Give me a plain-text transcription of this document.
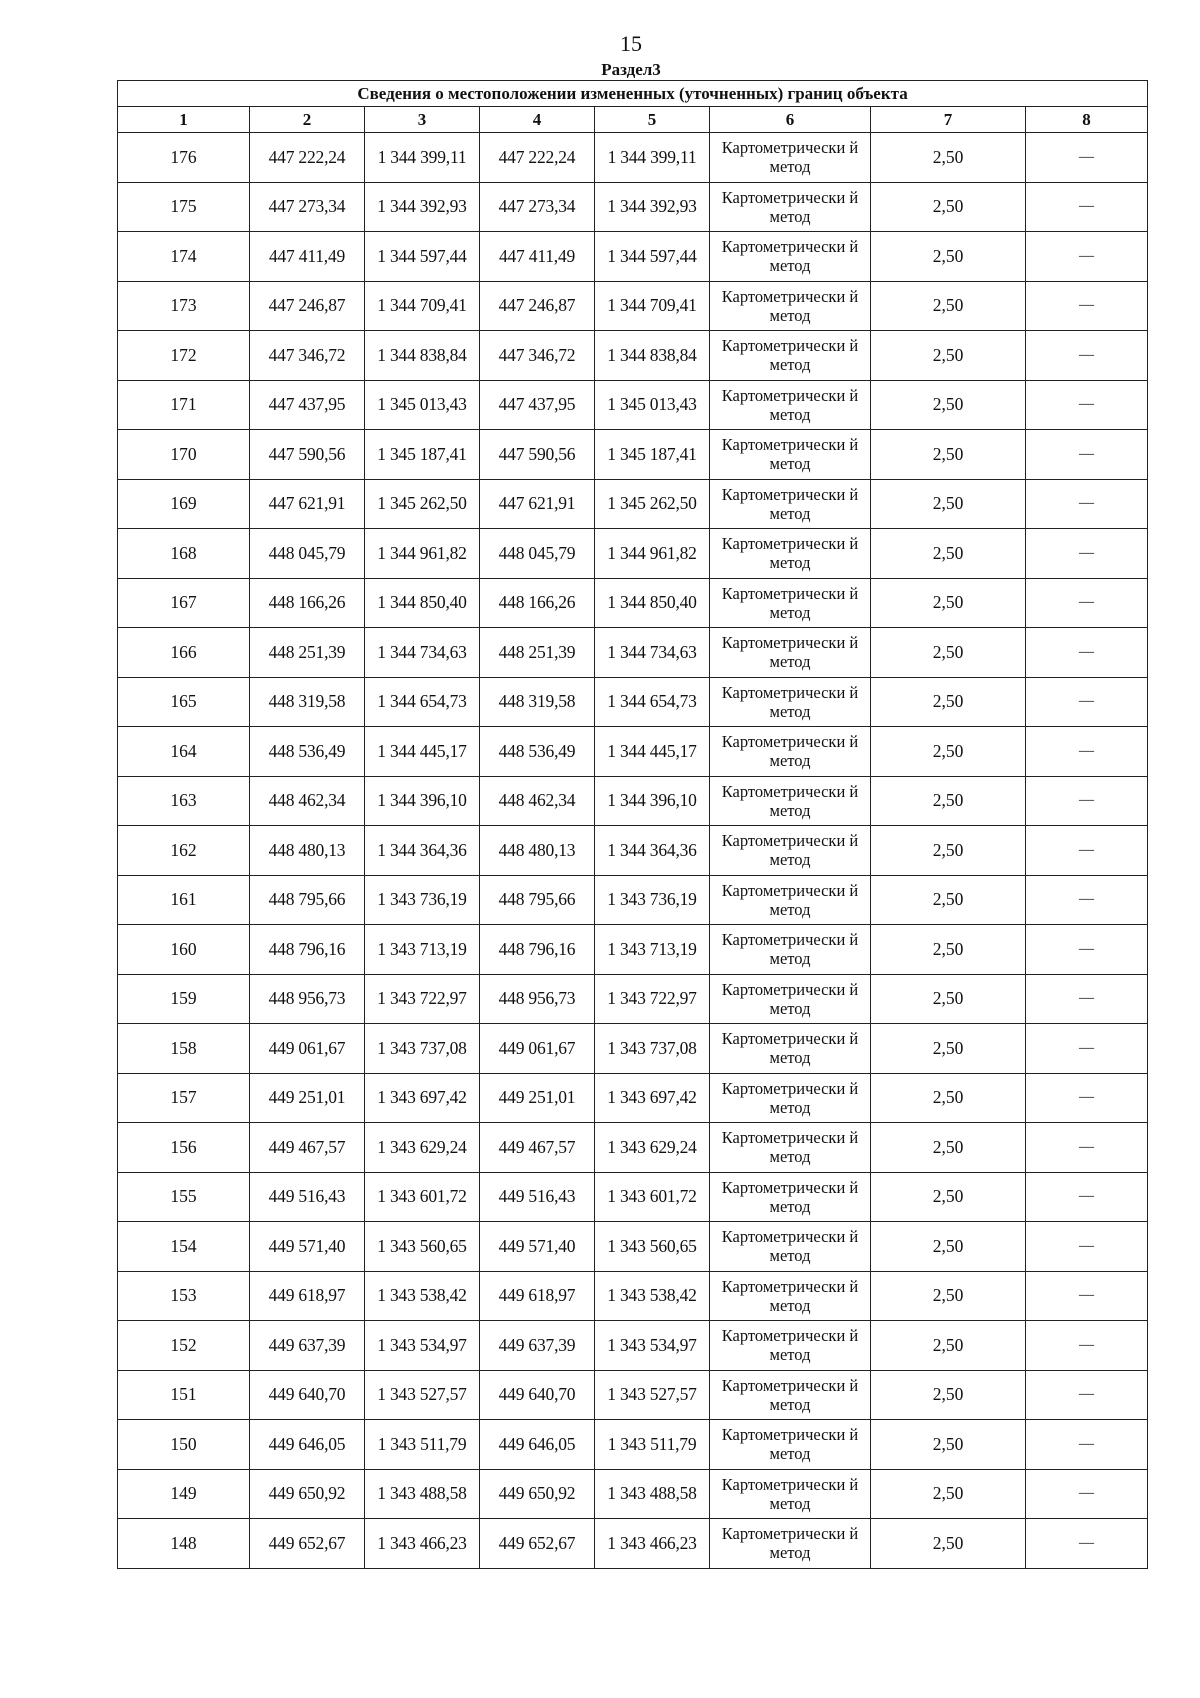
15
Раздел3
Сведения о местоположении измененных (уточненных) границ объекта							
1	2	3	4	5	6	7	8
176	447 222,24	1 344 399,11	447 222,24	1 344 399,11	Картометрически й метод	2,50	—
175	447 273,34	1 344 392,93	447 273,34	1 344 392,93	Картометрически й метод	2,50	—
174	447 411,49	1 344 597,44	447 411,49	1 344 597,44	Картометрически й метод	2,50	—
173	447 246,87	1 344 709,41	447 246,87	1 344 709,41	Картометрически й метод	2,50	—
172	447 346,72	1 344 838,84	447 346,72	1 344 838,84	Картометрически й метод	2,50	—
171	447 437,95	1 345 013,43	447 437,95	1 345 013,43	Картометрически й метод	2,50	—
170	447 590,56	1 345 187,41	447 590,56	1 345 187,41	Картометрически й метод	2,50	—
169	447 621,91	1 345 262,50	447 621,91	1 345 262,50	Картометрически й метод	2,50	—
168	448 045,79	1 344 961,82	448 045,79	1 344 961,82	Картометрически й метод	2,50	—
167	448 166,26	1 344 850,40	448 166,26	1 344 850,40	Картометрически й метод	2,50	—
166	448 251,39	1 344 734,63	448 251,39	1 344 734,63	Картометрически й метод	2,50	—
165	448 319,58	1 344 654,73	448 319,58	1 344 654,73	Картометрически й метод	2,50	—
164	448 536,49	1 344 445,17	448 536,49	1 344 445,17	Картометрически й метод	2,50	—
163	448 462,34	1 344 396,10	448 462,34	1 344 396,10	Картометрически й метод	2,50	—
162	448 480,13	1 344 364,36	448 480,13	1 344 364,36	Картометрически й метод	2,50	—
161	448 795,66	1 343 736,19	448 795,66	1 343 736,19	Картометрически й метод	2,50	—
160	448 796,16	1 343 713,19	448 796,16	1 343 713,19	Картометрически й метод	2,50	—
159	448 956,73	1 343 722,97	448 956,73	1 343 722,97	Картометрически й метод	2,50	—
158	449 061,67	1 343 737,08	449 061,67	1 343 737,08	Картометрически й метод	2,50	—
157	449 251,01	1 343 697,42	449 251,01	1 343 697,42	Картометрически й метод	2,50	—
156	449 467,57	1 343 629,24	449 467,57	1 343 629,24	Картометрически й метод	2,50	—
155	449 516,43	1 343 601,72	449 516,43	1 343 601,72	Картометрически й метод	2,50	—
154	449 571,40	1 343 560,65	449 571,40	1 343 560,65	Картометрически й метод	2,50	—
153	449 618,97	1 343 538,42	449 618,97	1 343 538,42	Картометрически й метод	2,50	—
152	449 637,39	1 343 534,97	449 637,39	1 343 534,97	Картометрически й метод	2,50	—
151	449 640,70	1 343 527,57	449 640,70	1 343 527,57	Картометрически й метод	2,50	—
150	449 646,05	1 343 511,79	449 646,05	1 343 511,79	Картометрически й метод	2,50	—
149	449 650,92	1 343 488,58	449 650,92	1 343 488,58	Картометрически й метод	2,50	—
148	449 652,67	1 343 466,23	449 652,67	1 343 466,23	Картометрически й метод	2,50	—
